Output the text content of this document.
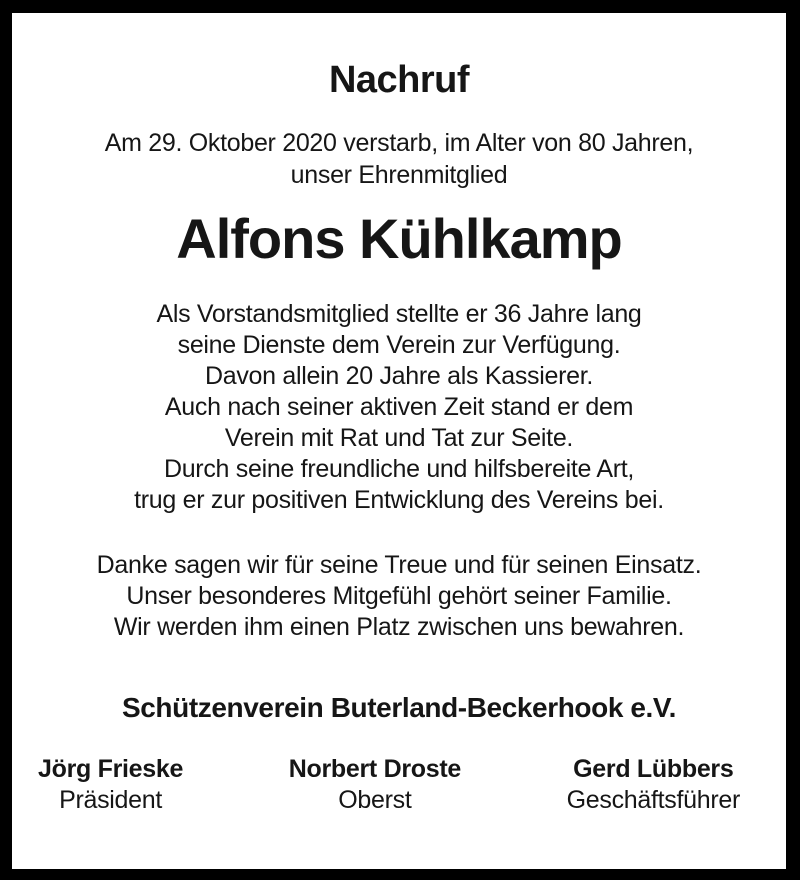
Nachruf
Am 29. Oktober 2020 verstarb, im Alter von 80 Jahren,
unser Ehrenmitglied
Alfons Kühlkamp
Als Vorstandsmitglied stellte er 36 Jahre lang
seine Dienste dem Verein zur Verfügung.
Davon allein 20 Jahre als Kassierer.
Auch nach seiner aktiven Zeit stand er dem
Verein mit Rat und Tat zur Seite.
Durch seine freundliche und hilfsbereite Art,
trug er zur positiven Entwicklung des Vereins bei.
Danke sagen wir für seine Treue und für seinen Einsatz.
Unser besonderes Mitgefühl gehört seiner Familie.
Wir werden ihm einen Platz zwischen uns bewahren.
Schützenverein Buterland-Beckerhook e.V.
Jörg Frieske
Präsident
Norbert Droste
Oberst
Gerd Lübbers
Geschäftsführer
